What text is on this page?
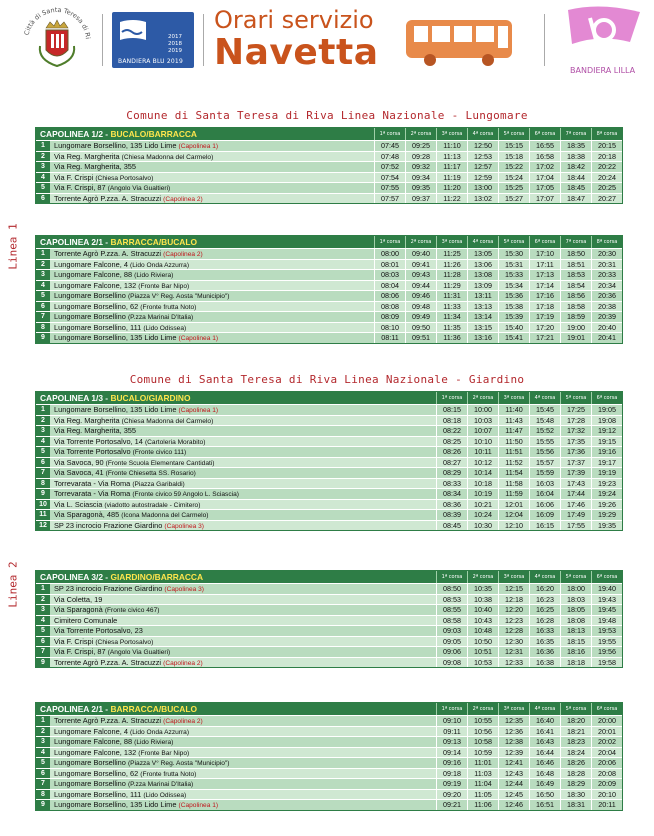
Città di Santa Teresa di Ri	2017
2018
2019
BANDIERA BLU 2019
Orari servizio
Navetta	BANDIERA LILLA
Comune di Santa Teresa di Riva Linea Nazionale - Lungomare
Linea 1
CAPOLINEA 1/2 - BUCALO/BARRACCA	1ª corsa	2ª corsa	3ª corsa	4ª corsa	5ª corsa	6ª corsa	7ª corsa	8ª corsa
1	Lungomare Borsellino, 135 Lido Lime (Capolinea 1)	07:45	09:25	11:10	12:50	15:15	16:55	18:35	20:15
2	Via Reg. Margherita (Chiesa Madonna del Carmelo)	07:48	09:28	11:13	12:53	15:18	16:58	18:38	20:18
3	Via Reg. Margherita, 355	07:52	09:32	11:17	12:57	15:22	17:02	18:42	20:22
4	Via F. Crispi (Chiesa Portosalvo)	07:54	09:34	11:19	12:59	15:24	17:04	18:44	20:24
5	Via F. Crispi, 87 (Angolo Via Gualtieri)	07:55	09:35	11:20	13:00	15:25	17:05	18:45	20:25
6	Torrente Agrò P.zza. A. Stracuzzi (Capolinea 2)	07:57	09:37	11:22	13:02	15:27	17:07	18:47	20:27
CAPOLINEA 2/1 - BARRACCA/BUCALO	1ª corsa	2ª corsa	3ª corsa	4ª corsa	5ª corsa	6ª corsa	7ª corsa	8ª corsa
1	Torrente Agrò P.zza. A. Stracuzzi (Capolinea 2)	08:00	09:40	11:25	13:05	15:30	17:10	18:50	20:30
2	Lungomare Falcone, 4 (Lido Onda Azzurra)	08:01	09:41	11:26	13:06	15:31	17:11	18:51	20:31
3	Lungomare Falcone, 88 (Lido Riviera)	08:03	09:43	11:28	13:08	15:33	17:13	18:53	20:33
4	Lungomare Falcone, 132 (Fronte Bar Nipo)	08:04	09:44	11:29	13:09	15:34	17:14	18:54	20:34
5	Lungomare Borsellino (Piazza V° Reg. Aosta "Municipio")	08:06	09:46	11:31	13:11	15:36	17:16	18:56	20:36
6	Lungomare Borsellino, 62 (Fronte frutta Noto)	08:08	09:48	11:33	13:13	15:38	17:18	18:58	20:38
7	Lungomare Borsellino (P.zza Marinai D'Italia)	08:09	09:49	11:34	13:14	15:39	17:19	18:59	20:39
8	Lungomare Borsellino, 111 (Lido Odissea)	08:10	09:50	11:35	13:15	15:40	17:20	19:00	20:40
9	Lungomare Borsellino, 135 Lido Lime (Capolinea 1)	08:11	09:51	11:36	13:16	15:41	17:21	19:01	20:41
Comune di Santa Teresa di Riva Linea Nazionale - Giardino
Linea 2
CAPOLINEA 1/3 - BUCALO/GIARDINO	1ª corsa	2ª corsa	3ª corsa	4ª corsa	5ª corsa	6ª corsa
1	Lungomare Borsellino, 135 Lido Lime (Capolinea 1)	08:15	10:00	11:40	15:45	17:25	19:05
2	Via Reg. Margherita (Chiesa Madonna del Carmelo)	08:18	10:03	11:43	15:48	17:28	19:08
3	Via Reg. Margherita, 355	08:22	10:07	11:47	15:52	17:32	19:12
4	Via Torrente Portosalvo, 14 (Cartoleria Morabito)	08:25	10:10	11:50	15:55	17:35	19:15
5	Via Torrente Portosalvo (Fronte civico 111)	08:26	10:11	11:51	15:56	17:36	19:16
6	Via Savoca, 90 (Fronte Scuola Elementare Cantidati)	08:27	10:12	11:52	15:57	17:37	19:17
7	Via Savoca, 41 (Fronte Chiesetta SS. Rosario)	08:29	10:14	11:54	15:59	17:39	19:19
8	Torrevarata - Via Roma (Piazza Garibaldi)	08:33	10:18	11:58	16:03	17:43	19:23
9	Torrevarata - Via Roma (Fronte civico 59 Angolo L. Sciascia)	08:34	10:19	11:59	16:04	17:44	19:24
10 Via L. Sciascia (viadotto autostradale - Cimitero)	08:36	10:21	12:01	16:06	17:46	19:26
11 Via Sparagonà, 485 (Icona Madonna del Carmelo)	08:39	10:24	12:04	16:09	17:49	19:29
12 SP 23 incrocio Frazione Giardino (Capolinea 3)	08:45	10:30	12:10	16:15	17:55	19:35
CAPOLINEA 3/2 - GIARDINO/BARRACCA	1ª corsa	2ª corsa	3ª corsa	4ª corsa	5ª corsa	6ª corsa
1	SP 23 incrocio Frazione Giardino (Capolinea 3)	08:50	10:35	12:15	16:20	18:00	19:40
2	Via Coletta, 19	08:53	10:38	12:18	16:23	18:03	19:43
3	Via Sparagonà (Fronte civico 467)	08:55	10:40	12:20	16:25	18:05	19:45
4	Cimitero Comunale	08:58	10:43	12:23	16:28	18:08	19:48
5	Via Torrente Portosalvo, 23	09:03	10:48	12:28	16:33	18:13	19:53
6	Via F. Crispi (Chiesa Portosalvo)	09:05	10:50	12:30	16:35	18:15	19:55
7	Via F. Crispi, 87 (Angolo Via Gualtieri)	09:06	10:51	12:31	16:36	18:16	19:56
9	Torrente Agrò P.zza. A. Stracuzzi (Capolinea 2)	09:08	10:53	12:33	16:38	18:18	19:58
CAPOLINEA 2/1 - BARRACCA/BUCALO	1ª corsa	2ª corsa	3ª corsa	4ª corsa	5ª corsa	6ª corsa
1	Torrente Agrò P.zza. A. Stracuzzi (Capolinea 2)	09:10	10:55	12:35	16:40	18:20	20:00
2	Lungomare Falcone, 4 (Lido Onda Azzurra)	09:11	10:56	12:36	16:41	18:21	20:01
3	Lungomare Falcone, 88 (Lido Riviera)	09:13	10:58	12:38	16:43	18:23	20:02
4	Lungomare Falcone, 132 (Fronte Bar Nipo)	09:14	10:59	12:39	16:44	18:24	20:04
5	Lungomare Borsellino (Piazza V° Reg. Aosta "Municipio")	09:16	11:01	12:41	16:46	18:26	20:06
6	Lungomare Borsellino, 62 (Fronte frutta Noto)	09:18	11:03	12:43	16:48	18:28	20:08
7	Lungomare Borsellino (P.zza Marinai D'Italia)	09:19	11:04	12:44	16:49	18:29	20:09
8	Lungomare Borsellino, 111 (Lido Odissea)	09:20	11:05	12:45	16:50	18:30	20:10
9	Lungomare Borsellino, 135 Lido Lime (Capolinea 1)	09:21	11:06	12:46	16:51	18:31	20:11
